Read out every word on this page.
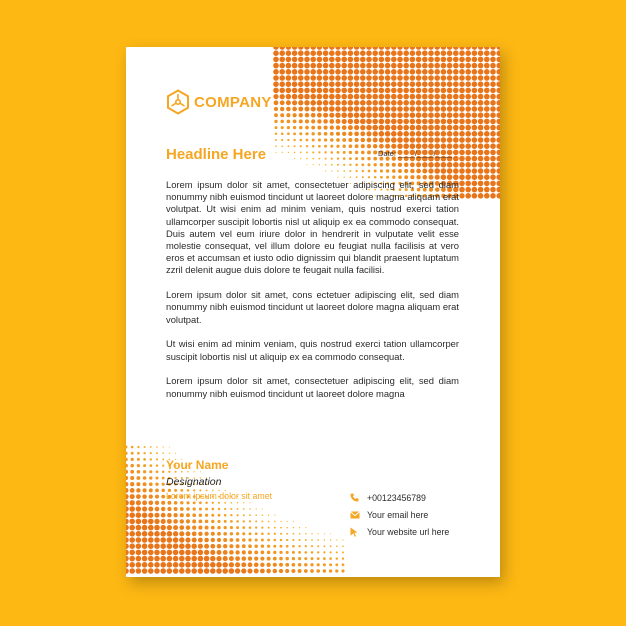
COMPANY
Headline Here	Date: ____/____/____

Lorem ipsum dolor sit amet, consectetuer adipiscing elit, sed diam nonummy nibh euismod tincidunt ut laoreet dolore magna aliquam erat volutpat. Ut wisi enim ad minim veniam, quis nostrud exerci tation ullamcorper suscipit lobortis nisl ut aliquip ex ea commodo consequat. Duis autem vel eum iriure dolor in hendrerit in vulputate velit esse molestie consequat, vel illum dolore eu feugiat nulla facilisis at vero eros et accumsan et iusto odio dignissim qui blandit praesent luptatum zzril delenit augue duis dolore te feugait nulla facilisi.

Lorem ipsum dolor sit amet, cons ectetuer adipiscing elit, sed diam nonummy nibh euismod tincidunt ut laoreet dolore magna aliquam erat volutpat.

Ut wisi enim ad minim veniam, quis nostrud exerci tation ullamcorper suscipit lobortis nisl ut aliquip ex ea commodo consequat.

Lorem ipsum dolor sit amet, consectetuer adipiscing elit, sed diam nonummy nibh euismod tincidunt ut laoreet dolore magna

Your Name
Designation
Lorem ipsum dolor sit amet	+00123456789
Your email here
Your website url here
